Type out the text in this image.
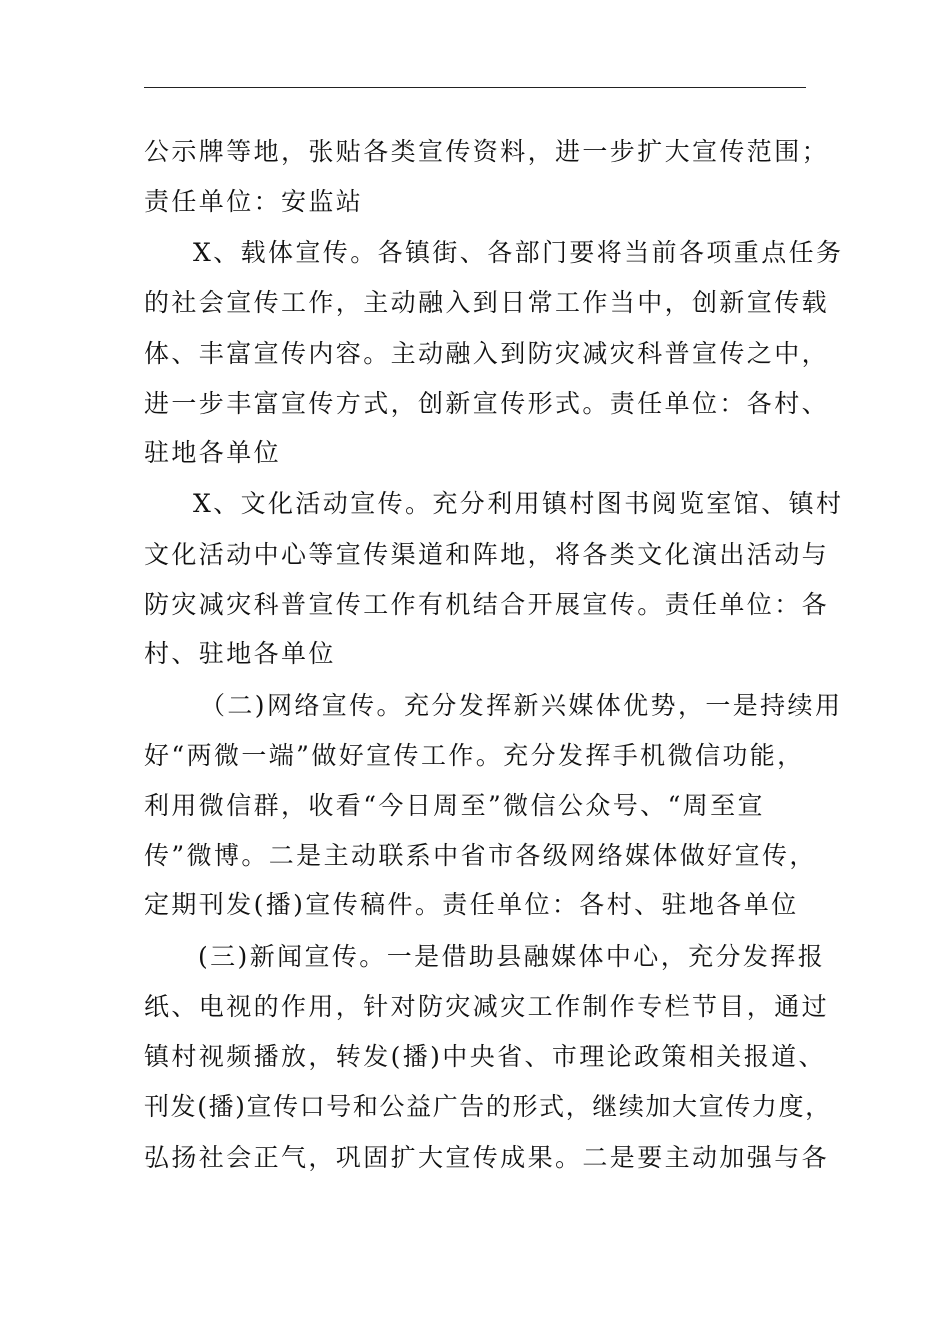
公示牌等地，张贴各类宣传资料，进一步扩大宣传范围；
责任单位：安监站
X、载体宣传。各镇街、各部门要将当前各项重点任务
的社会宣传工作，主动融入到日常工作当中，创新宣传载
体、丰富宣传内容。主动融入到防灾减灾科普宣传之中，
进一步丰富宣传方式，创新宣传形式。责任单位：各村、
驻地各单位
X、文化活动宣传。充分利用镇村图书阅览室馆、镇村
文化活动中心等宣传渠道和阵地，将各类文化演出活动与
防灾减灾科普宣传工作有机结合开展宣传。责任单位：各
村、驻地各单位
（二)网络宣传。充分发挥新兴媒体优势，一是持续用
好“两微一端”做好宣传工作。充分发挥手机微信功能，
利用微信群，收看“今日周至”微信公众号、“周至宣
传”微博。二是主动联系中省市各级网络媒体做好宣传，
定期刊发(播)宣传稿件。责任单位：各村、驻地各单位
(三)新闻宣传。一是借助县融媒体中心，充分发挥报
纸、电视的作用，针对防灾减灾工作制作专栏节目，通过
镇村视频播放，转发(播)中央省、市理论政策相关报道、
刊发(播)宣传口号和公益广告的形式，继续加大宣传力度，
弘扬社会正气，巩固扩大宣传成果。二是要主动加强与各
